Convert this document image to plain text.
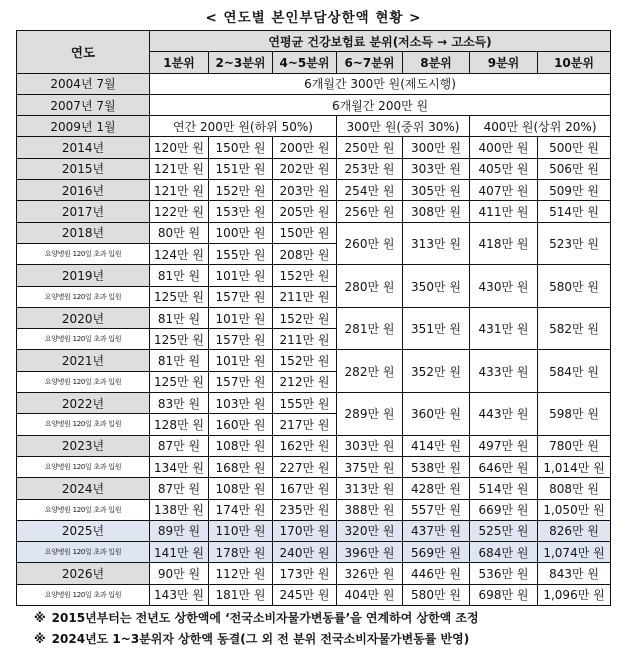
< 연도별 본인부담상한액 현황 >
연도	연평균 건강보험료 분위(저소득 → 고소득)						
	1분위	2~3분위	4~5분위	6~7분위	8분위	9분위	10분위
2004년 7월	6개월간 300만 원(제도시행)						
2007년 7월	6개월간 200만 원						
2009년 1월	연간 200만 원(하위 50%)			300만 원(중위 30%)		400만 원(상위 20%)	
2014년	120만 원	150만 원	200만 원	250만 원	300만 원	400만 원	500만 원
2015년	121만 원	151만 원	202만 원	253만 원	303만 원	405만 원	506만 원
2016년	121만 원	152만 원	203만 원	254만 원	305만 원	407만 원	509만 원
2017년	122만 원	153만 원	205만 원	256만 원	308만 원	411만 원	514만 원
2018년	80만 원	100만 원	150만 원	260만 원	313만 원	418만 원	523만 원
요양병원 120일 초과 입원	124만 원	155만 원	208만 원				
2019년	81만 원	101만 원	152만 원	280만 원	350만 원	430만 원	580만 원
요양병원 120일 초과 입원	125만 원	157만 원	211만 원				
2020년	81만 원	101만 원	152만 원	281만 원	351만 원	431만 원	582만 원
요양병원 120일 초과 입원	125만 원	157만 원	211만 원				
2021년	81만 원	101만 원	152만 원	282만 원	352만 원	433만 원	584만 원
요양병원 120일 초과 입원	125만 원	157만 원	212만 원				
2022년	83만 원	103만 원	155만 원	289만 원	360만 원	443만 원	598만 원
요양병원 120일 초과 입원	128만 원	160만 원	217만 원				
2023년	87만 원	108만 원	162만 원	303만 원	414만 원	497만 원	780만 원
요양병원 120일 초과 입원	134만 원	168만 원	227만 원	375만 원	538만 원	646만 원	1,014만 원
2024년	87만 원	108만 원	167만 원	313만 원	428만 원	514만 원	808만 원
요양병원 120일 초과 입원	138만 원	174만 원	235만 원	388만 원	557만 원	669만 원	1,050만 원
2025년	89만 원	110만 원	170만 원	320만 원	437만 원	525만 원	826만 원
요양병원 120일 초과 입원	141만 원	178만 원	240만 원	396만 원	569만 원	684만 원	1,074만 원
2026년	90만 원	112만 원	173만 원	326만 원	446만 원	536만 원	843만 원
요양병원 120일 초과 입원	143만 원	181만 원	245만 원	404만 원	580만 원	698만 원	1,096만 원
※ 2015년부터는 전년도 상한액에 ‘전국소비자물가변동률’을 연계하여 상한액 조정
※ 2024년도 1~3분위자 상한액 동결(그 외 전 분위 전국소비자물가변동률 반영)
